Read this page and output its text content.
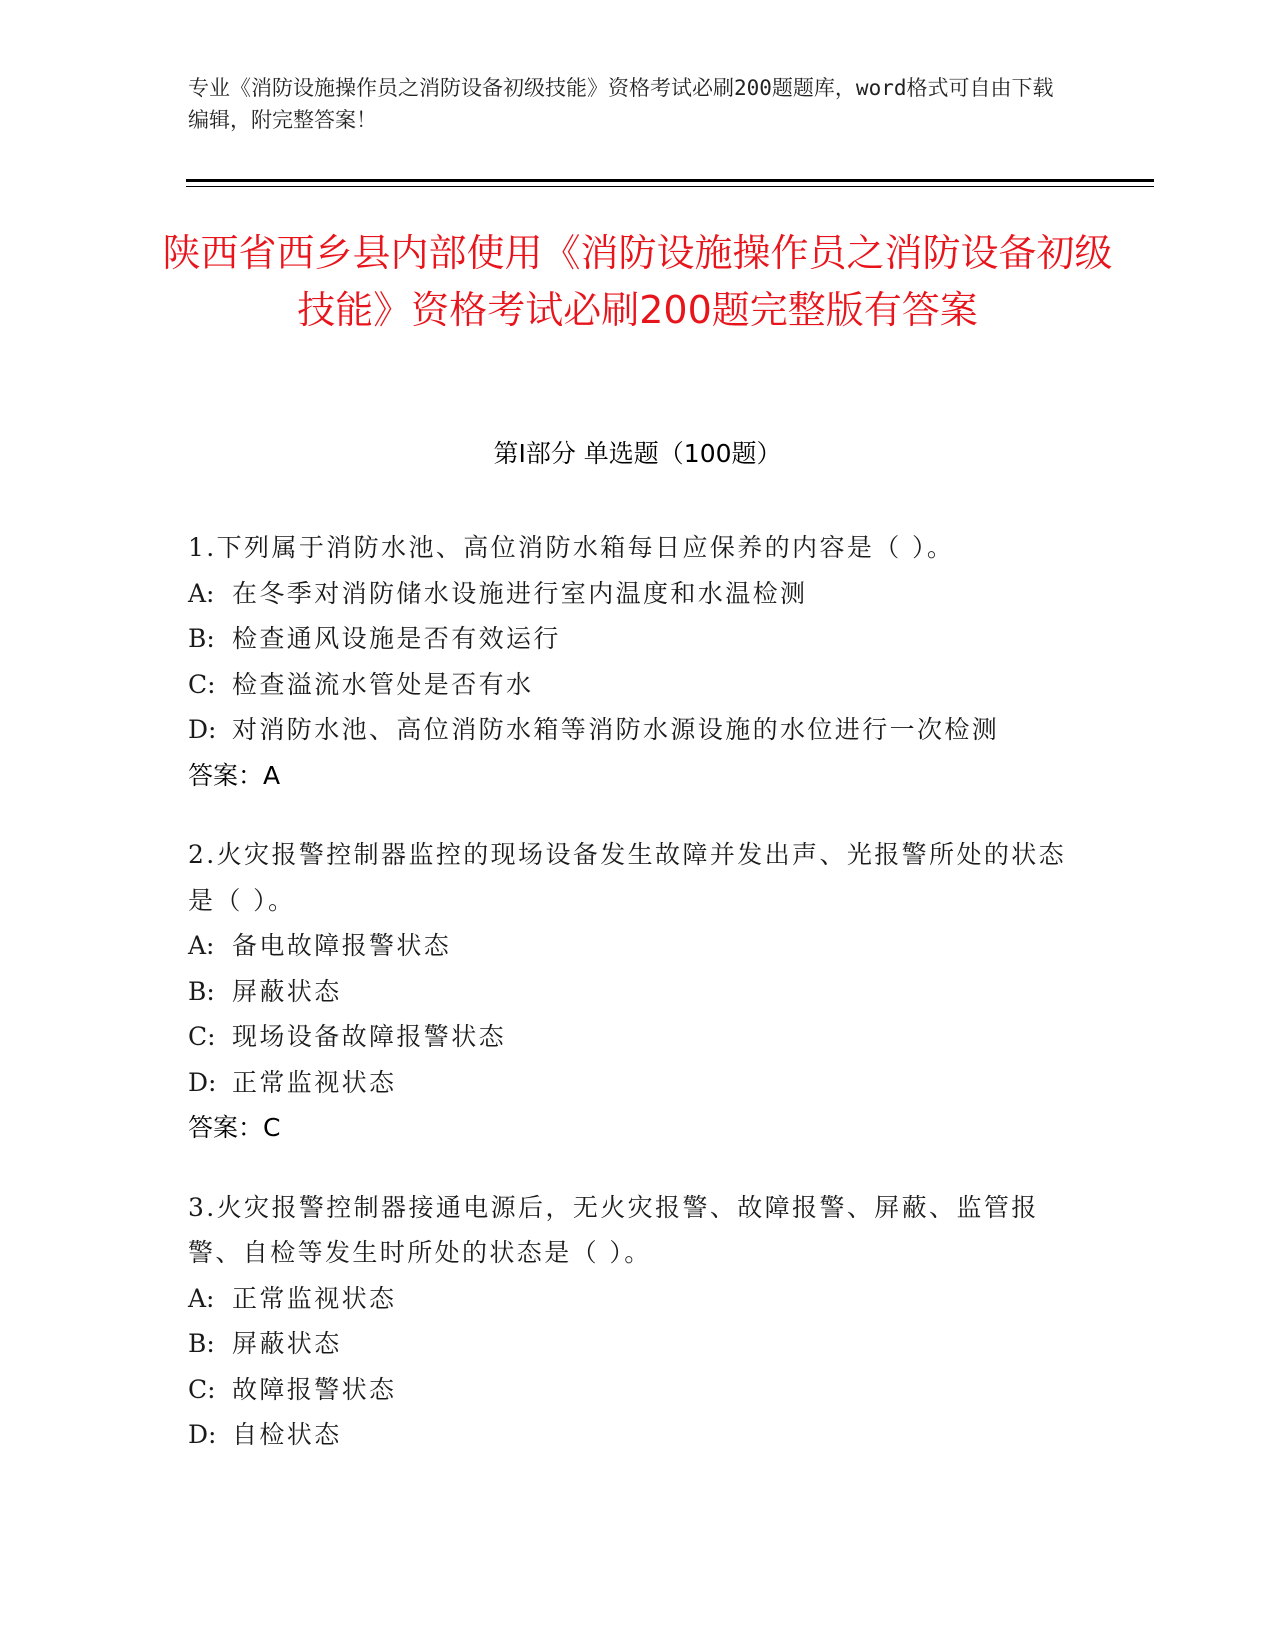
专业《消防设施操作员之消防设备初级技能》资格考试必刷200题题库，word格式可自由下载编辑，附完整答案！
陕西省西乡县内部使用《消防设施操作员之消防设备初级技能》资格考试必刷200题完整版有答案
第Ⅰ部分 单选题（100题）
1.下列属于消防水池、高位消防水箱每日应保养的内容是（ ）。
A: 在冬季对消防储水设施进行室内温度和水温检测
B: 检查通风设施是否有效运行
C: 检查溢流水管处是否有水
D: 对消防水池、高位消防水箱等消防水源设施的水位进行一次检测
答案：A
2.火灾报警控制器监控的现场设备发生故障并发出声、光报警所处的状态是（ ）。
A: 备电故障报警状态
B: 屏蔽状态
C: 现场设备故障报警状态
D: 正常监视状态
答案：C
3.火灾报警控制器接通电源后，无火灾报警、故障报警、屏蔽、监管报警、自检等发生时所处的状态是（ ）。
A: 正常监视状态
B: 屏蔽状态
C: 故障报警状态
D: 自检状态
